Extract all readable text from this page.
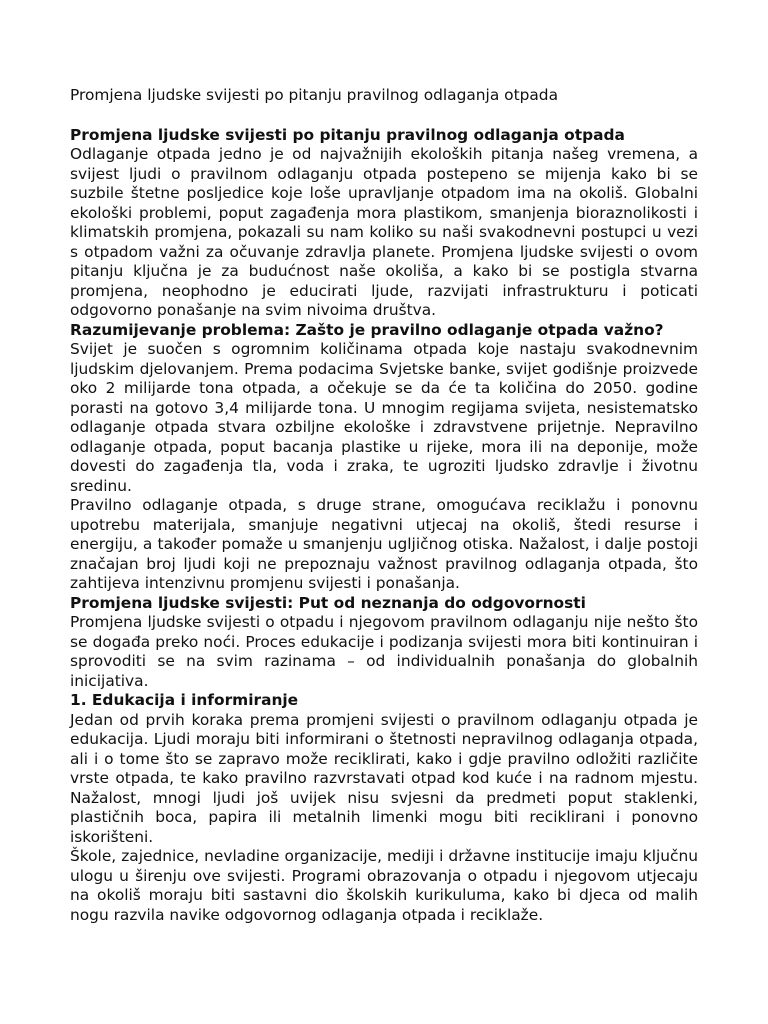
Promjena ljudske svijesti po pitanju pravilnog odlaganja otpada

Promjena ljudske svijesti po pitanju pravilnog odlaganja otpada

Odlaganje otpada jedno je od najvažnijih ekoloških pitanja našeg vremena, a svijest ljudi o pravilnom odlaganju otpada postepeno se mijenja kako bi se suzbile štetne posljedice koje loše upravljanje otpadom ima na okoliš. Globalni ekološki problemi, poput zagađenja mora plastikom, smanjenja bioraznolikosti i klimatskih promjena, pokazali su nam koliko su naši svakodnevni postupci u vezi s otpadom važni za očuvanje zdravlja planete. Promjena ljudske svijesti o ovom pitanju ključna je za budućnost naše okoliša, a kako bi se postigla stvarna promjena, neophodno je educirati ljude, razvijati infrastrukturu i poticati odgovorno ponašanje na svim nivoima društva.

Razumijevanje problema: Zašto je pravilno odlaganje otpada važno?

Svijet je suočen s ogromnim količinama otpada koje nastaju svakodnevnim ljudskim djelovanjem. Prema podacima Svjetske banke, svijet godišnje proizvede oko 2 milijarde tona otpada, a očekuje se da će ta količina do 2050. godine porasti na gotovo 3,4 milijarde tona. U mnogim regijama svijeta, nesistematsko odlaganje otpada stvara ozbiljne ekološke i zdravstvene prijetnje. Nepravilno odlaganje otpada, poput bacanja plastike u rijeke, mora ili na deponije, može dovesti do zagađenja tla, voda i zraka, te ugroziti ljudsko zdravlje i životnu sredinu.

Pravilno odlaganje otpada, s druge strane, omogućava reciklažu i ponovnu upotrebu materijala, smanjuje negativni utjecaj na okoliš, štedi resurse i energiju, a također pomaže u smanjenju ugljičnog otiska. Nažalost, i dalje postoji značajan broj ljudi koji ne prepoznaju važnost pravilnog odlaganja otpada, što zahtijeva intenzivnu promjenu svijesti i ponašanja.

Promjena ljudske svijesti: Put od neznanja do odgovornosti

Promjena ljudske svijesti o otpadu i njegovom pravilnom odlaganju nije nešto što se događa preko noći. Proces edukacije i podizanja svijesti mora biti kontinuiran i sprovoditi se na svim razinama – od individualnih ponašanja do globalnih inicijativa.

1. Edukacija i informiranje

Jedan od prvih koraka prema promjeni svijesti o pravilnom odlaganju otpada je edukacija. Ljudi moraju biti informirani o štetnosti nepravilnog odlaganja otpada, ali i o tome što se zapravo može reciklirati, kako i gdje pravilno odložiti različite vrste otpada, te kako pravilno razvrstavati otpad kod kuće i na radnom mjestu. Nažalost, mnogi ljudi još uvijek nisu svjesni da predmeti poput staklenki, plastičnih boca, papira ili metalnih limenki mogu biti reciklirani i ponovno iskorišteni.

Škole, zajednice, nevladine organizacije, mediji i državne institucije imaju ključnu ulogu u širenju ove svijesti. Programi obrazovanja o otpadu i njegovom utjecaju na okoliš moraju biti sastavni dio školskih kurikuluma, kako bi djeca od malih nogu razvila navike odgovornog odlaganja otpada i reciklaže.
